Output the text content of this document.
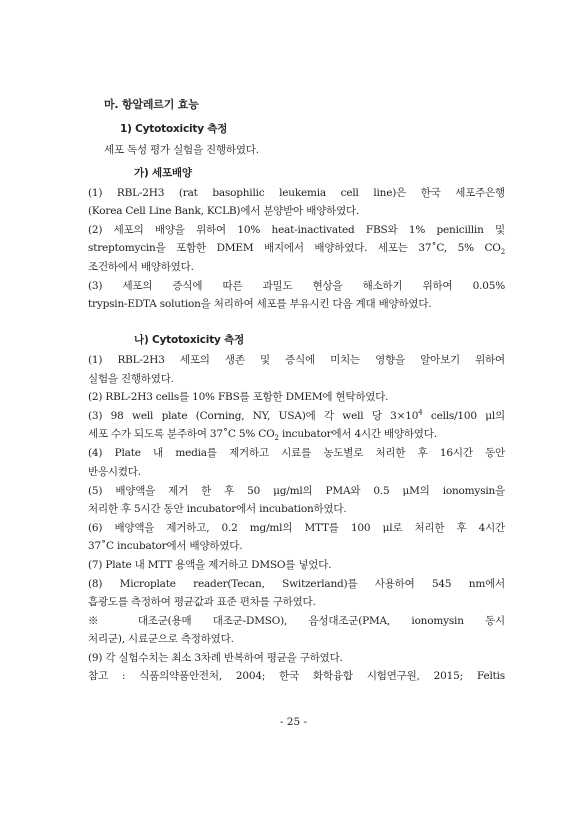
마. 항알레르기 효능
1) Cytotoxicity 측정
세포 독성 평가 실험을 진행하였다.
가) 세포배양
(1) RBL-2H3 (rat basophilic leukemia cell line)은 한국 세포주은행
(Korea Cell Line Bank, KCLB)에서 분양받아 배양하였다.
(2) 세포의 배양을 위하여 10% heat-inactivated FBS와 1% penicillin 및
streptomycin을 포함한 DMEM 배지에서 배양하였다. 세포는 37˚C, 5% $CO_2$
조건하에서 배양하였다.
(3) 세포의 증식에 따른 과밀도 현상을 해소하기 위하여 0.05%
trypsin-EDTA solution을 처리하여 세포를 부유시킨 다음 계대 배양하였다.
나) Cytotoxicity 측정
(1) RBL-2H3 세포의 생존 및 증식에 미치는 영향을 알아보기 위하여
실험을 진행하였다.
(2) RBL-2H3 cells를 10% FBS를 포함한 DMEM에 현탁하였다.
(3) 98 well plate (Corning, NY, USA)에 각 well 당 $3\times 10^4$ cells/100 μl의
세포 수가 되도록 분주하여 37˚C 5% $CO_2$ incubator에서 4시간 배양하였다.
(4) Plate 내 media를 제거하고 시료를 농도별로 처리한 후 16시간 동안
반응시켰다.
(5) 배양액을 제거 한 후 50 μg/ml의 PMA와 0.5 μM의 ionomysin을
처리한 후 5시간 동안 incubator에서 incubation하였다.
(6) 배양액을 제거하고, 0.2 mg/ml의 MTT를 100 μl로 처리한 후 4시간
37˚C incubator에서 배양하였다.
(7) Plate 내 MTT 용액을 제거하고 DMSO를 넣었다.
(8) Microplate reader(Tecan, Switzerland)를 사용하여 545 nm에서
흡광도를 측정하여 평균값과 표준 편차를 구하였다.
※ 대조군(용매 대조군-DMSO), 음성대조군(PMA, ionomysin 동시
처리군), 시료군으로 측정하였다.
(9) 각 실험수치는 최소 3차례 반복하여 평균을 구하였다.
참고 : 식품의약품안전처, 2004; 한국 화학융합 시험연구원, 2015; Feltis
- 25 -
